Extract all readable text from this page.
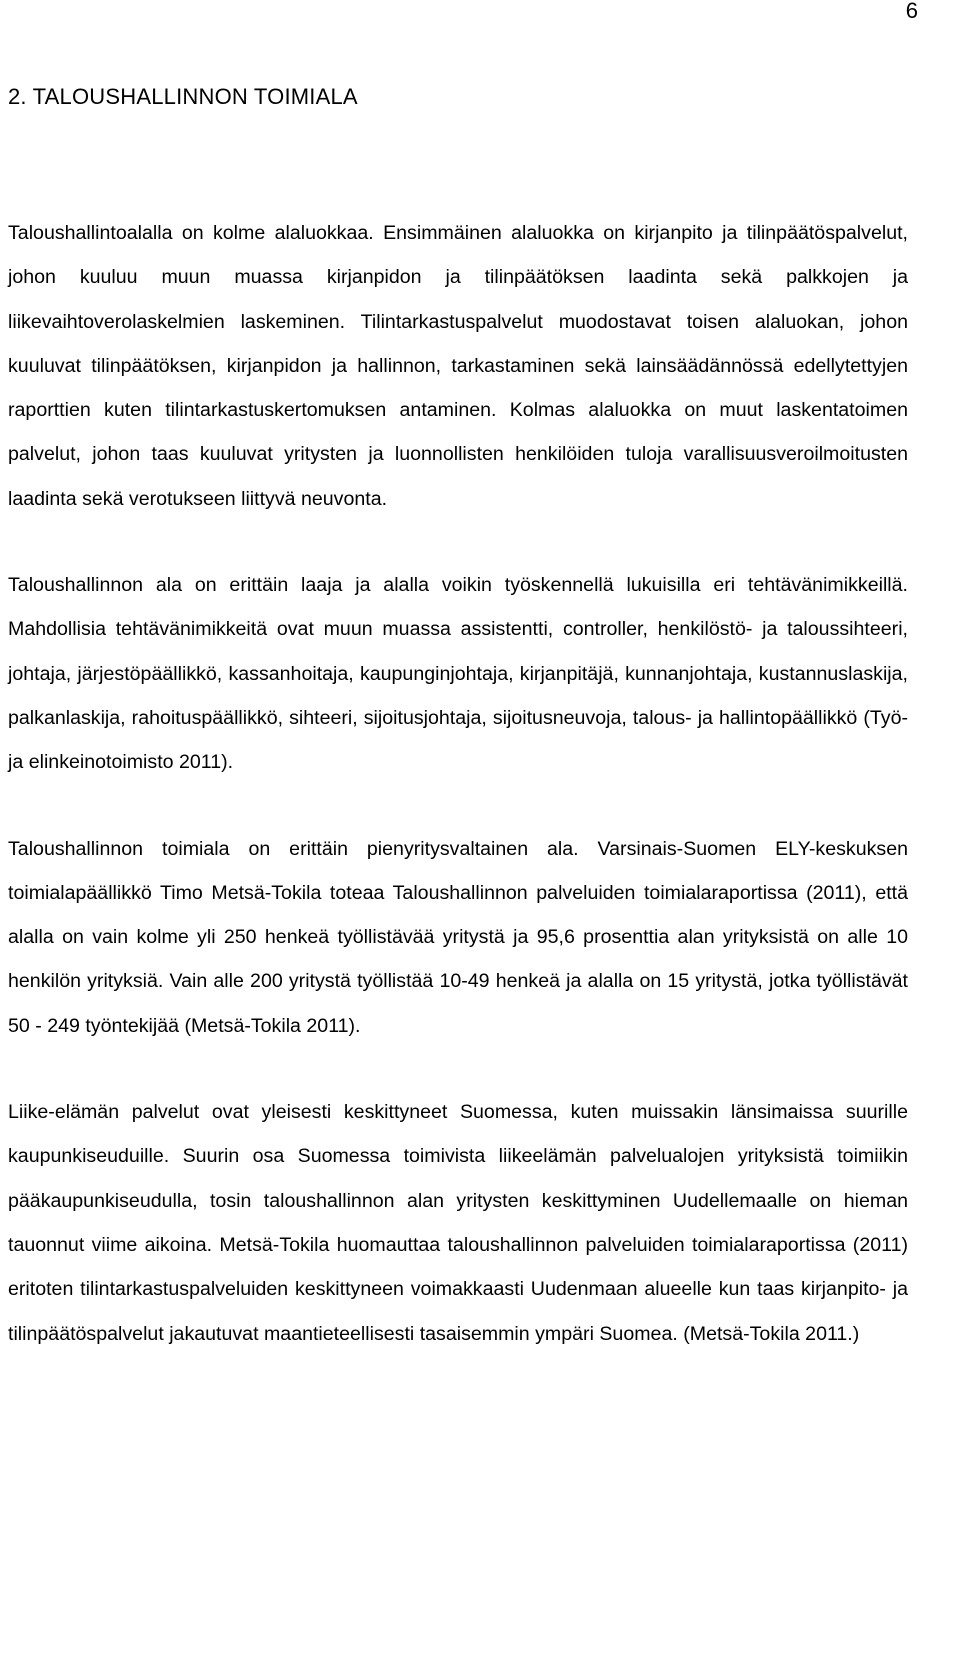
6

2. TALOUSHALLINNON TOIMIALA

Taloushallintoalalla on kolme alaluokkaa. Ensimmäinen alaluokka on kirjanpito ja tilinpäätöspalvelut, johon kuuluu muun muassa kirjanpidon ja tilinpäätöksen laadinta sekä palkkojen ja liikevaihtoverolaskelmien laskeminen. Tilintarkastuspalvelut muodostavat toisen alaluokan, johon kuuluvat tilinpäätöksen, kirjanpidon ja hallinnon, tarkastaminen sekä lainsäädännössä edellytettyjen raporttien kuten tilintarkastuskertomuksen antaminen. Kolmas alaluokka on muut laskentatoimen palvelut, johon taas kuuluvat yritysten ja luonnollisten henkilöiden tuloja varallisuusveroilmoitusten laadinta sekä verotukseen liittyvä neuvonta.

Taloushallinnon ala on erittäin laaja ja alalla voikin työskennellä lukuisilla eri tehtävänimikkeillä. Mahdollisia tehtävänimikkeitä ovat muun muassa assistentti, controller, henkilöstö- ja taloussihteeri, johtaja, järjestöpäällikkö, kassanhoitaja, kaupunginjohtaja, kirjanpitäjä, kunnanjohtaja, kustannuslaskija, palkanlaskija, rahoituspäällikkö, sihteeri, sijoitusjohtaja, sijoitusneuvoja, talous- ja hallintopäällikkö (Työ- ja elinkeinotoimisto 2011).

Taloushallinnon toimiala on erittäin pienyritysvaltainen ala. Varsinais-Suomen ELY-keskuksen toimialapäällikkö Timo Metsä-Tokila toteaa Taloushallinnon palveluiden toimialaraportissa (2011), että alalla on vain kolme yli 250 henkeä työllistävää yritystä ja 95,6 prosenttia alan yrityksistä on alle 10 henkilön yrityksiä. Vain alle 200 yritystä työllistää 10-49 henkeä ja alalla on 15 yritystä, jotka työllistävät 50 - 249 työntekijää (Metsä-Tokila 2011).

Liike-elämän palvelut ovat yleisesti keskittyneet Suomessa, kuten muissakin länsimaissa suurille kaupunkiseuduille. Suurin osa Suomessa toimivista liikeelämän palvelualojen yrityksistä toimiikin pääkaupunkiseudulla, tosin taloushallinnon alan yritysten keskittyminen Uudellemaalle on hieman tauonnut viime aikoina. Metsä-Tokila huomauttaa taloushallinnon palveluiden toimialaraportissa (2011) eritoten tilintarkastuspalveluiden keskittyneen voimakkaasti Uudenmaan alueelle kun taas kirjanpito- ja tilinpäätöspalvelut jakautuvat maantieteellisesti tasaisemmin ympäri Suomea. (Metsä-Tokila 2011.)
